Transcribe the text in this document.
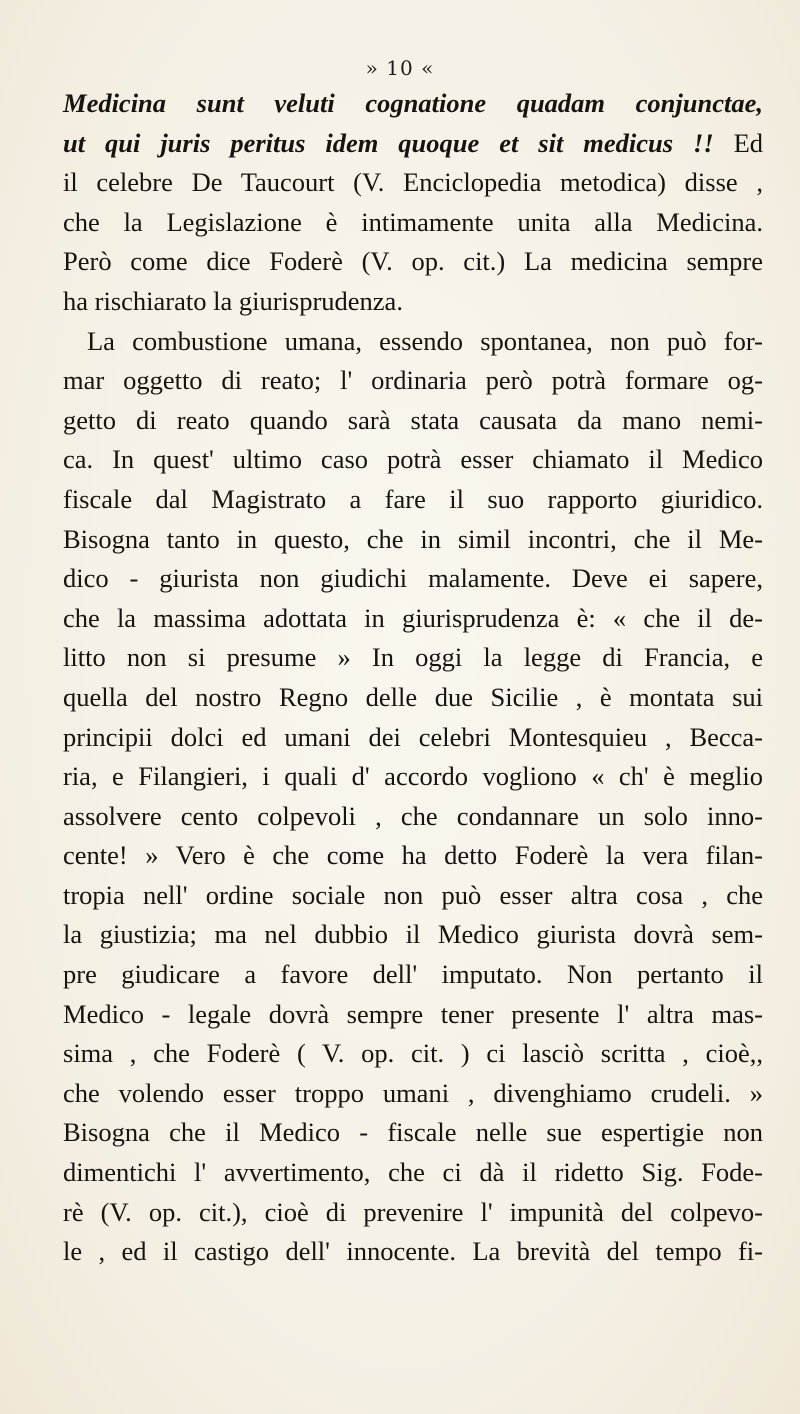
» 10 «
Medicina sunt veluti cognatione quadam conjunctae,
ut qui juris peritus idem quoque et sit medicus !! Ed
il celebre De Taucourt (V. Enciclopedia metodica) disse ,
che la Legislazione è intimamente unita alla Medicina.
Però come dice Foderè (V. op. cit.) La medicina sempre
ha rischiarato la giurisprudenza.
La combustione umana, essendo spontanea, non può for-
mar oggetto di reato; l' ordinaria però potrà formare og-
getto di reato quando sarà stata causata da mano nemi-
ca. In quest' ultimo caso potrà esser chiamato il Medico
fiscale dal Magistrato a fare il suo rapporto giuridico.
Bisogna tanto in questo, che in simil incontri, che il Me-
dico - giurista non giudichi malamente. Deve ei sapere,
che la massima adottata in giurisprudenza è: « che il de-
litto non si presume » In oggi la legge di Francia, e
quella del nostro Regno delle due Sicilie , è montata sui
principii dolci ed umani dei celebri Montesquieu , Becca-
ria, e Filangieri, i quali d' accordo vogliono « ch' è meglio
assolvere cento colpevoli , che condannare un solo inno-
cente! » Vero è che come ha detto Foderè la vera filan-
tropia nell' ordine sociale non può esser altra cosa , che
la giustizia; ma nel dubbio il Medico giurista dovrà sem-
pre giudicare a favore dell' imputato. Non pertanto il
Medico - legale dovrà sempre tener presente l' altra mas-
sima , che Foderè ( V. op. cit. ) ci lasciò scritta , cioè,,
che volendo esser troppo umani , divenghiamo crudeli. »
Bisogna che il Medico - fiscale nelle sue espertigie non
dimentichi l' avvertimento, che ci dà il ridetto Sig. Fode-
rè (V. op. cit.), cioè di prevenire l' impunità del colpevo-
le , ed il castigo dell' innocente. La brevità del tempo fi-
